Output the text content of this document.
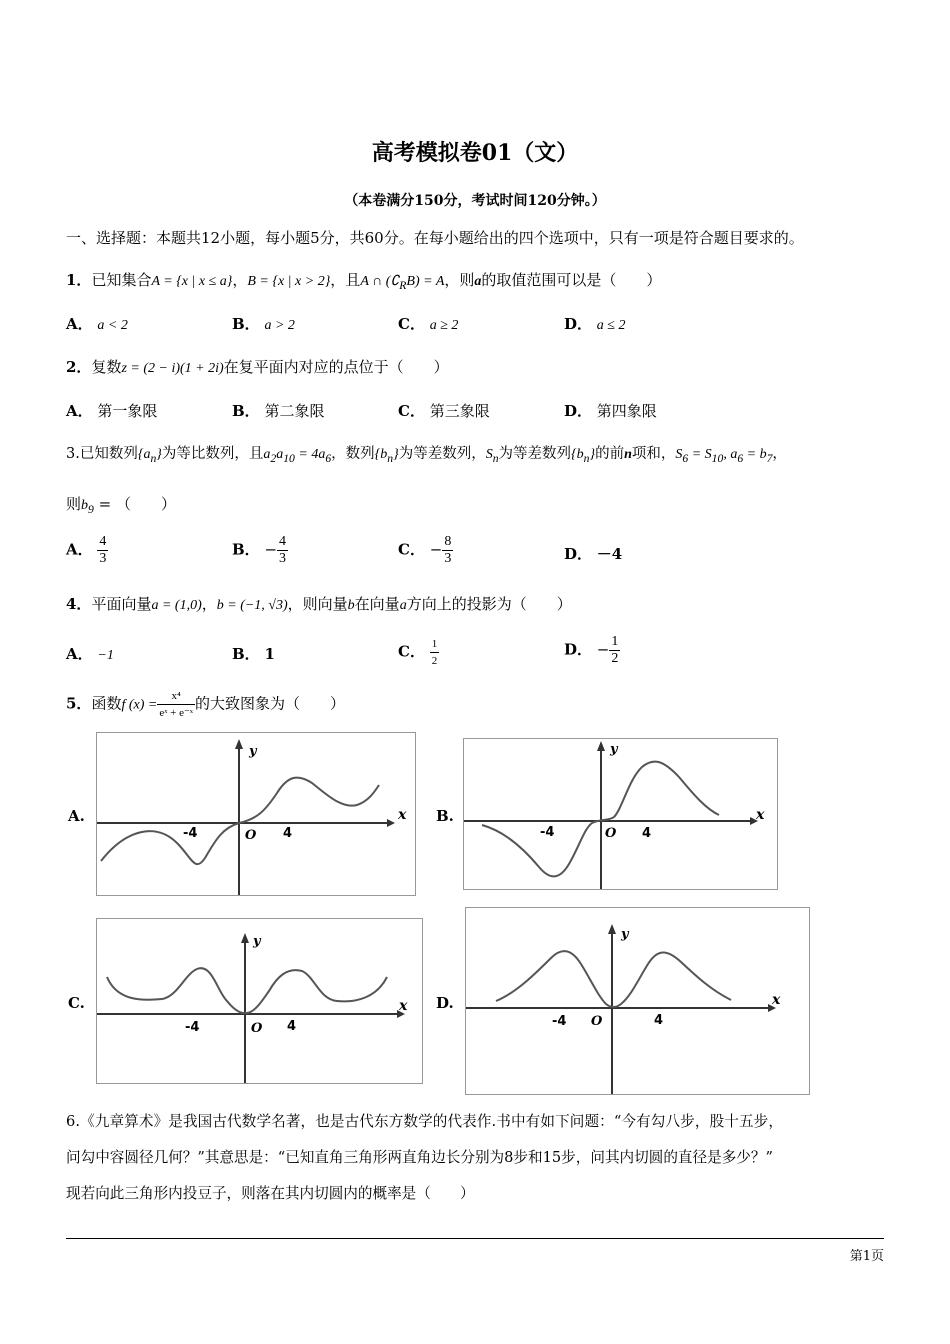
高考模拟卷01（文）
（本卷满分150分，考试时间120分钟。）
一、选择题：本题共12小题，每小题5分，共60分。在每小题给出的四个选项中，只有一项是符合题目要求的。
1．已知集合A = {x | x ≤ a}，B = {x | x > 2}，且A ∩ $(∁_RB) = A$，则a的取值范围可以是（　　）
A． a < 2	B． a > 2	C． a ≥ 2	D． a ≤ 2
2．复数z = (2 − i)(1 + 2i)在复平面内对应的点位于（　　）
A． 第一象限	B． 第二象限	C． 第三象限	D． 第四象限
3.已知数列$\{a_n\}$为等比数列，且$a_2a_{10} = 4a_6$，数列$\{b_n\}$为等差数列，$S_n$为等差数列$\{b_n\}$的前n项和，$S_6 = S_{10}$, $a_6 = b_7$，
则$b_9$ = （　　）
A． $\frac{4}{3}$	B． − $\frac{4}{3}$	C． − $\frac{8}{3}$	D． －4
4．平面向量a = (1,0)，b = (−1, √3)，则向量b在向量a方向上的投影为（　　）
A． −1	B． 1	C． $\frac{1}{2}$	D． − $\frac{1}{2}$
5．函数f $(x) = \frac{\text{x⁴}}{\text{eˣ + e⁻ˣ}}$ 的大致图象为（　　）
A.	B.
C.	D.
x
y
O
-4	4
x
y
O
-4	4
x
y
O
-4	4
x
y
O
-4	4
6.《九章算术》是我国古代数学名著，也是古代东方数学的代表作.书中有如下问题：“今有勾八步，股十五步，
问勾中容圆径几何？”其意思是：“已知直角三角形两直角边长分别为8步和15步，问其内切圆的直径是多少？”
现若向此三角形内投豆子，则落在其内切圆内的概率是（　　）
第1页
